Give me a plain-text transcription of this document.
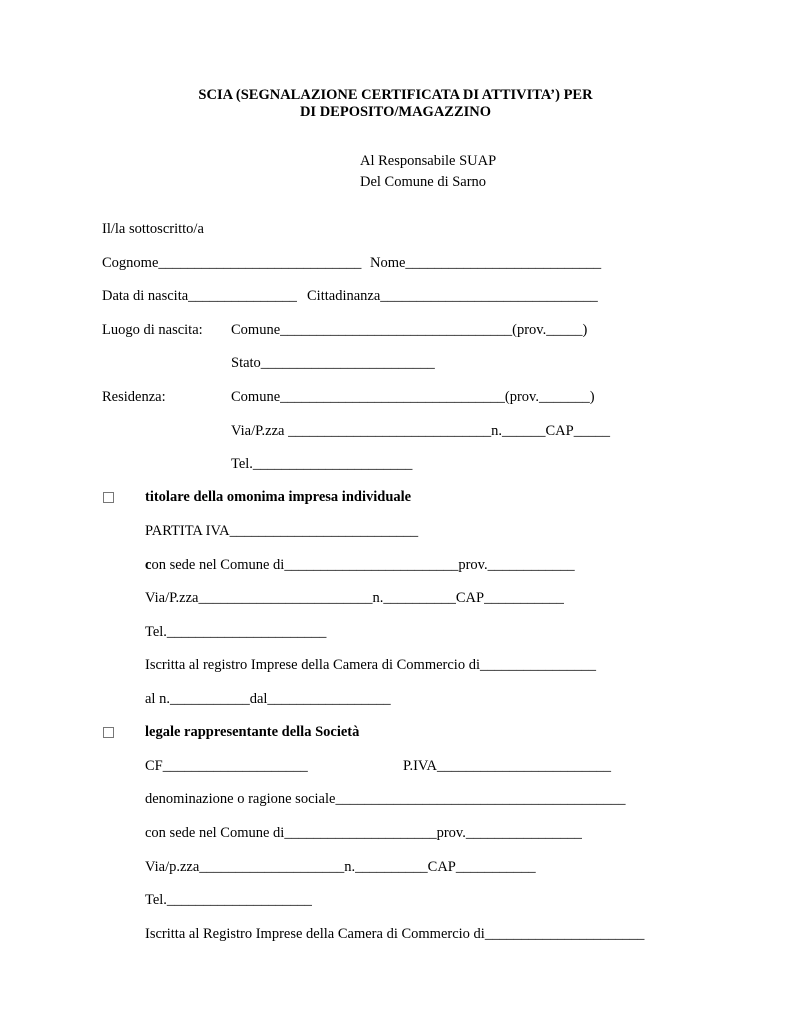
SCIA (SEGNALAZIONE CERTIFICATA DI ATTIVITA’) PER
DI DEPOSITO/MAGAZZINO
Al Responsabile SUAP
Del Comune di Sarno
Il/la sottoscritto/a
Cognome____________________________ Nome___________________________
Data di nascita_______________ Cittadinanza______________________________
Luogo di nascita: Comune________________________________(prov._____)
Stato________________________
Residenza:	Comune_______________________________(prov._______)
Via/P.zza ____________________________n.______CAP_____
Tel.______________________
titolare della omonima impresa individuale
PARTITA IVA__________________________
con sede nel Comune di________________________prov.____________
Via/P.zza________________________n.__________CAP___________
Tel.______________________
Iscritta al registro Imprese della Camera di Commercio di________________
al n.___________dal_________________
legale rappresentante della Società
CF____________________	P.IVA________________________
denominazione o ragione sociale________________________________________
con sede nel Comune di_____________________prov.________________
Via/p.zza____________________n.__________CAP___________
Tel.____________________
Iscritta al Registro Imprese della Camera di Commercio di______________________
